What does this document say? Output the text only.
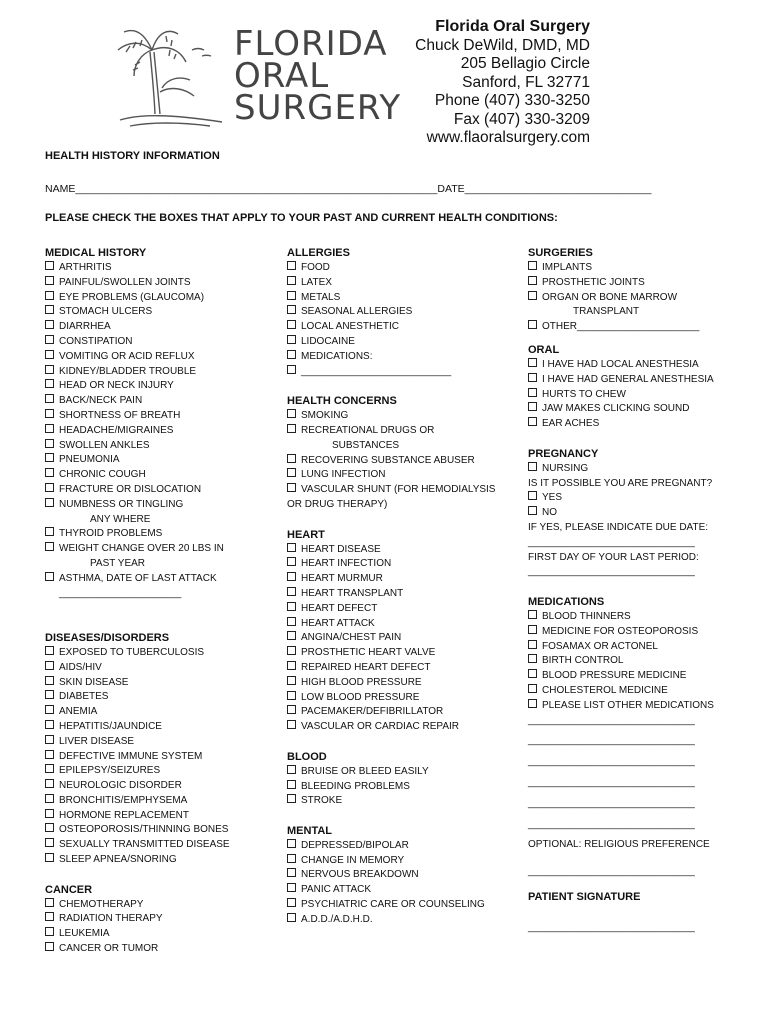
FLORIDA
ORAL
SURGERY
Florida Oral Surgery
Chuck DeWild, DMD, MD
205 Bellagio Circle
Sanford, FL 32771
Phone (407) 330-3250
Fax (407) 330-3209
www.flaoralsurgery.com
HEALTH HISTORY INFORMATION
NAME______________________________________________________________DATE________________________________
PLEASE CHECK THE BOXES THAT APPLY TO YOUR PAST AND CURRENT HEALTH CONDITIONS:
MEDICAL HISTORY
ARTHRITIS
PAINFUL/SWOLLEN JOINTS
EYE PROBLEMS (GLAUCOMA)
STOMACH ULCERS
DIARRHEA
CONSTIPATION
VOMITING OR ACID REFLUX
KIDNEY/BLADDER TROUBLE
HEAD OR NECK INJURY
BACK/NECK PAIN
SHORTNESS OF BREATH
HEADACHE/MIGRAINES
SWOLLEN ANKLES
PNEUMONIA
CHRONIC COUGH
FRACTURE OR DISLOCATION
NUMBNESS OR TINGLING
ANY WHERE
THYROID PROBLEMS
WEIGHT CHANGE OVER 20 LBS IN
PAST YEAR
ASTHMA, DATE OF LAST ATTACK
______________________
DISEASES/DISORDERS
EXPOSED TO TUBERCULOSIS
AIDS/HIV
SKIN DISEASE
DIABETES
ANEMIA
HEPATITIS/JAUNDICE
LIVER DISEASE
DEFECTIVE IMMUNE SYSTEM
EPILEPSY/SEIZURES
NEUROLOGIC DISORDER
BRONCHITIS/EMPHYSEMA
HORMONE REPLACEMENT
OSTEOPOROSIS/THINNING BONES
SEXUALLY TRANSMITTED DISEASE
SLEEP APNEA/SNORING
CANCER
CHEMOTHERAPY
RADIATION THERAPY
LEUKEMIA
CANCER OR TUMOR
ALLERGIES
FOOD
LATEX
METALS
SEASONAL ALLERGIES
LOCAL ANESTHETIC
LIDOCAINE
MEDICATIONS:
___________________________
HEALTH CONCERNS
SMOKING
RECREATIONAL DRUGS OR
SUBSTANCES
RECOVERING SUBSTANCE ABUSER
LUNG INFECTION
VASCULAR SHUNT (FOR HEMODIALYSIS
OR DRUG THERAPY)
HEART
HEART DISEASE
HEART INFECTION
HEART MURMUR
HEART TRANSPLANT
HEART DEFECT
HEART ATTACK
ANGINA/CHEST PAIN
PROSTHETIC HEART VALVE
REPAIRED HEART DEFECT
HIGH BLOOD PRESSURE
LOW BLOOD PRESSURE
PACEMAKER/DEFIBRILLATOR
VASCULAR OR CARDIAC REPAIR
BLOOD
BRUISE OR BLEED EASILY
BLEEDING PROBLEMS
STROKE
MENTAL
DEPRESSED/BIPOLAR
CHANGE IN MEMORY
NERVOUS BREAKDOWN
PANIC ATTACK
PSYCHIATRIC CARE OR COUNSELING
A.D.D./A.D.H.D.
SURGERIES
IMPLANTS
PROSTHETIC JOINTS
ORGAN OR BONE MARROW
TRANSPLANT
OTHER______________________
ORAL
I HAVE HAD LOCAL ANESTHESIA
I HAVE HAD GENERAL ANESTHESIA
HURTS TO CHEW
JAW MAKES CLICKING SOUND
EAR ACHES
PREGNANCY
NURSING
IS IT POSSIBLE YOU ARE PREGNANT?
YES
NO
IF YES, PLEASE INDICATE DUE DATE:
______________________________
FIRST DAY OF YOUR LAST PERIOD:
______________________________
MEDICATIONS
BLOOD THINNERS
MEDICINE FOR OSTEOPOROSIS
FOSAMAX OR ACTONEL
BIRTH CONTROL
BLOOD PRESSURE MEDICINE
CHOLESTEROL MEDICINE
PLEASE LIST OTHER MEDICATIONS
______________________________
______________________________
______________________________
______________________________
______________________________
______________________________
OPTIONAL: RELIGIOUS PREFERENCE
______________________________
PATIENT SIGNATURE
______________________________
